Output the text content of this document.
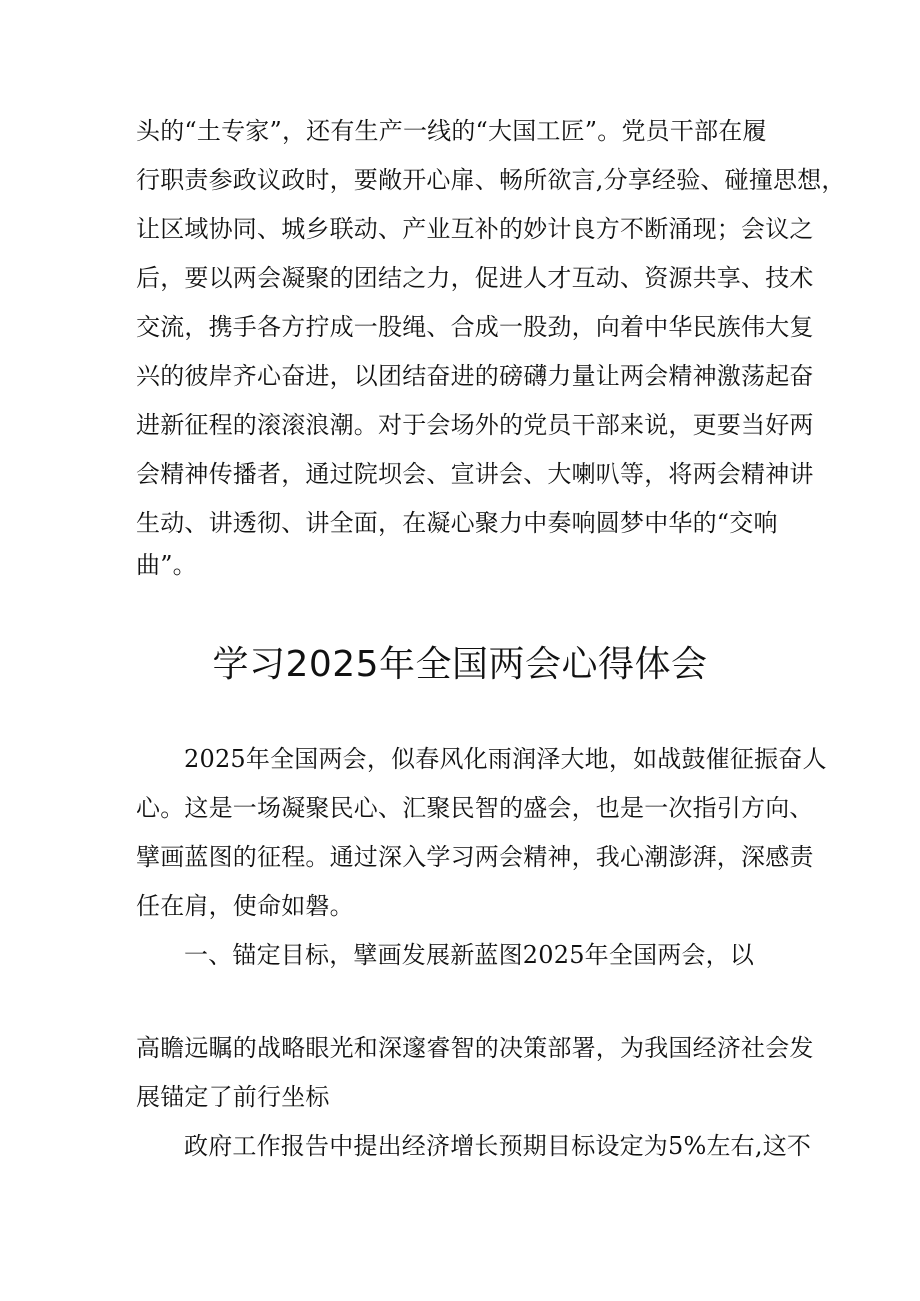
头的“土专家”，还有生产一线的“大国工匠”。党员干部在履
行职责参政议政时，要敞开心扉、畅所欲言,分享经验、碰撞思想，
让区域协同、城乡联动、产业互补的妙计良方不断涌现；会议之
后，要以两会凝聚的团结之力，促进人才互动、资源共享、技术
交流，携手各方拧成一股绳、合成一股劲，向着中华民族伟大复
兴的彼岸齐心奋进，以团结奋进的磅礴力量让两会精神激荡起奋
进新征程的滚滚浪潮。对于会场外的党员干部来说，更要当好两
会精神传播者，通过院坝会、宣讲会、大喇叭等，将两会精神讲
生动、讲透彻、讲全面，在凝心聚力中奏响圆梦中华的“交响
曲”。
学习2025年全国两会心得体会
2025年全国两会，似春风化雨润泽大地，如战鼓催征振奋人
心。这是一场凝聚民心、汇聚民智的盛会，也是一次指引方向、
擘画蓝图的征程。通过深入学习两会精神，我心潮澎湃，深感责
任在肩，使命如磐。
一、锚定目标，擘画发展新蓝图2025年全国两会，以
高瞻远瞩的战略眼光和深邃睿智的决策部署，为我国经济社会发
展锚定了前行坐标
政府工作报告中提出经济增长预期目标设定为5%左右,这不
